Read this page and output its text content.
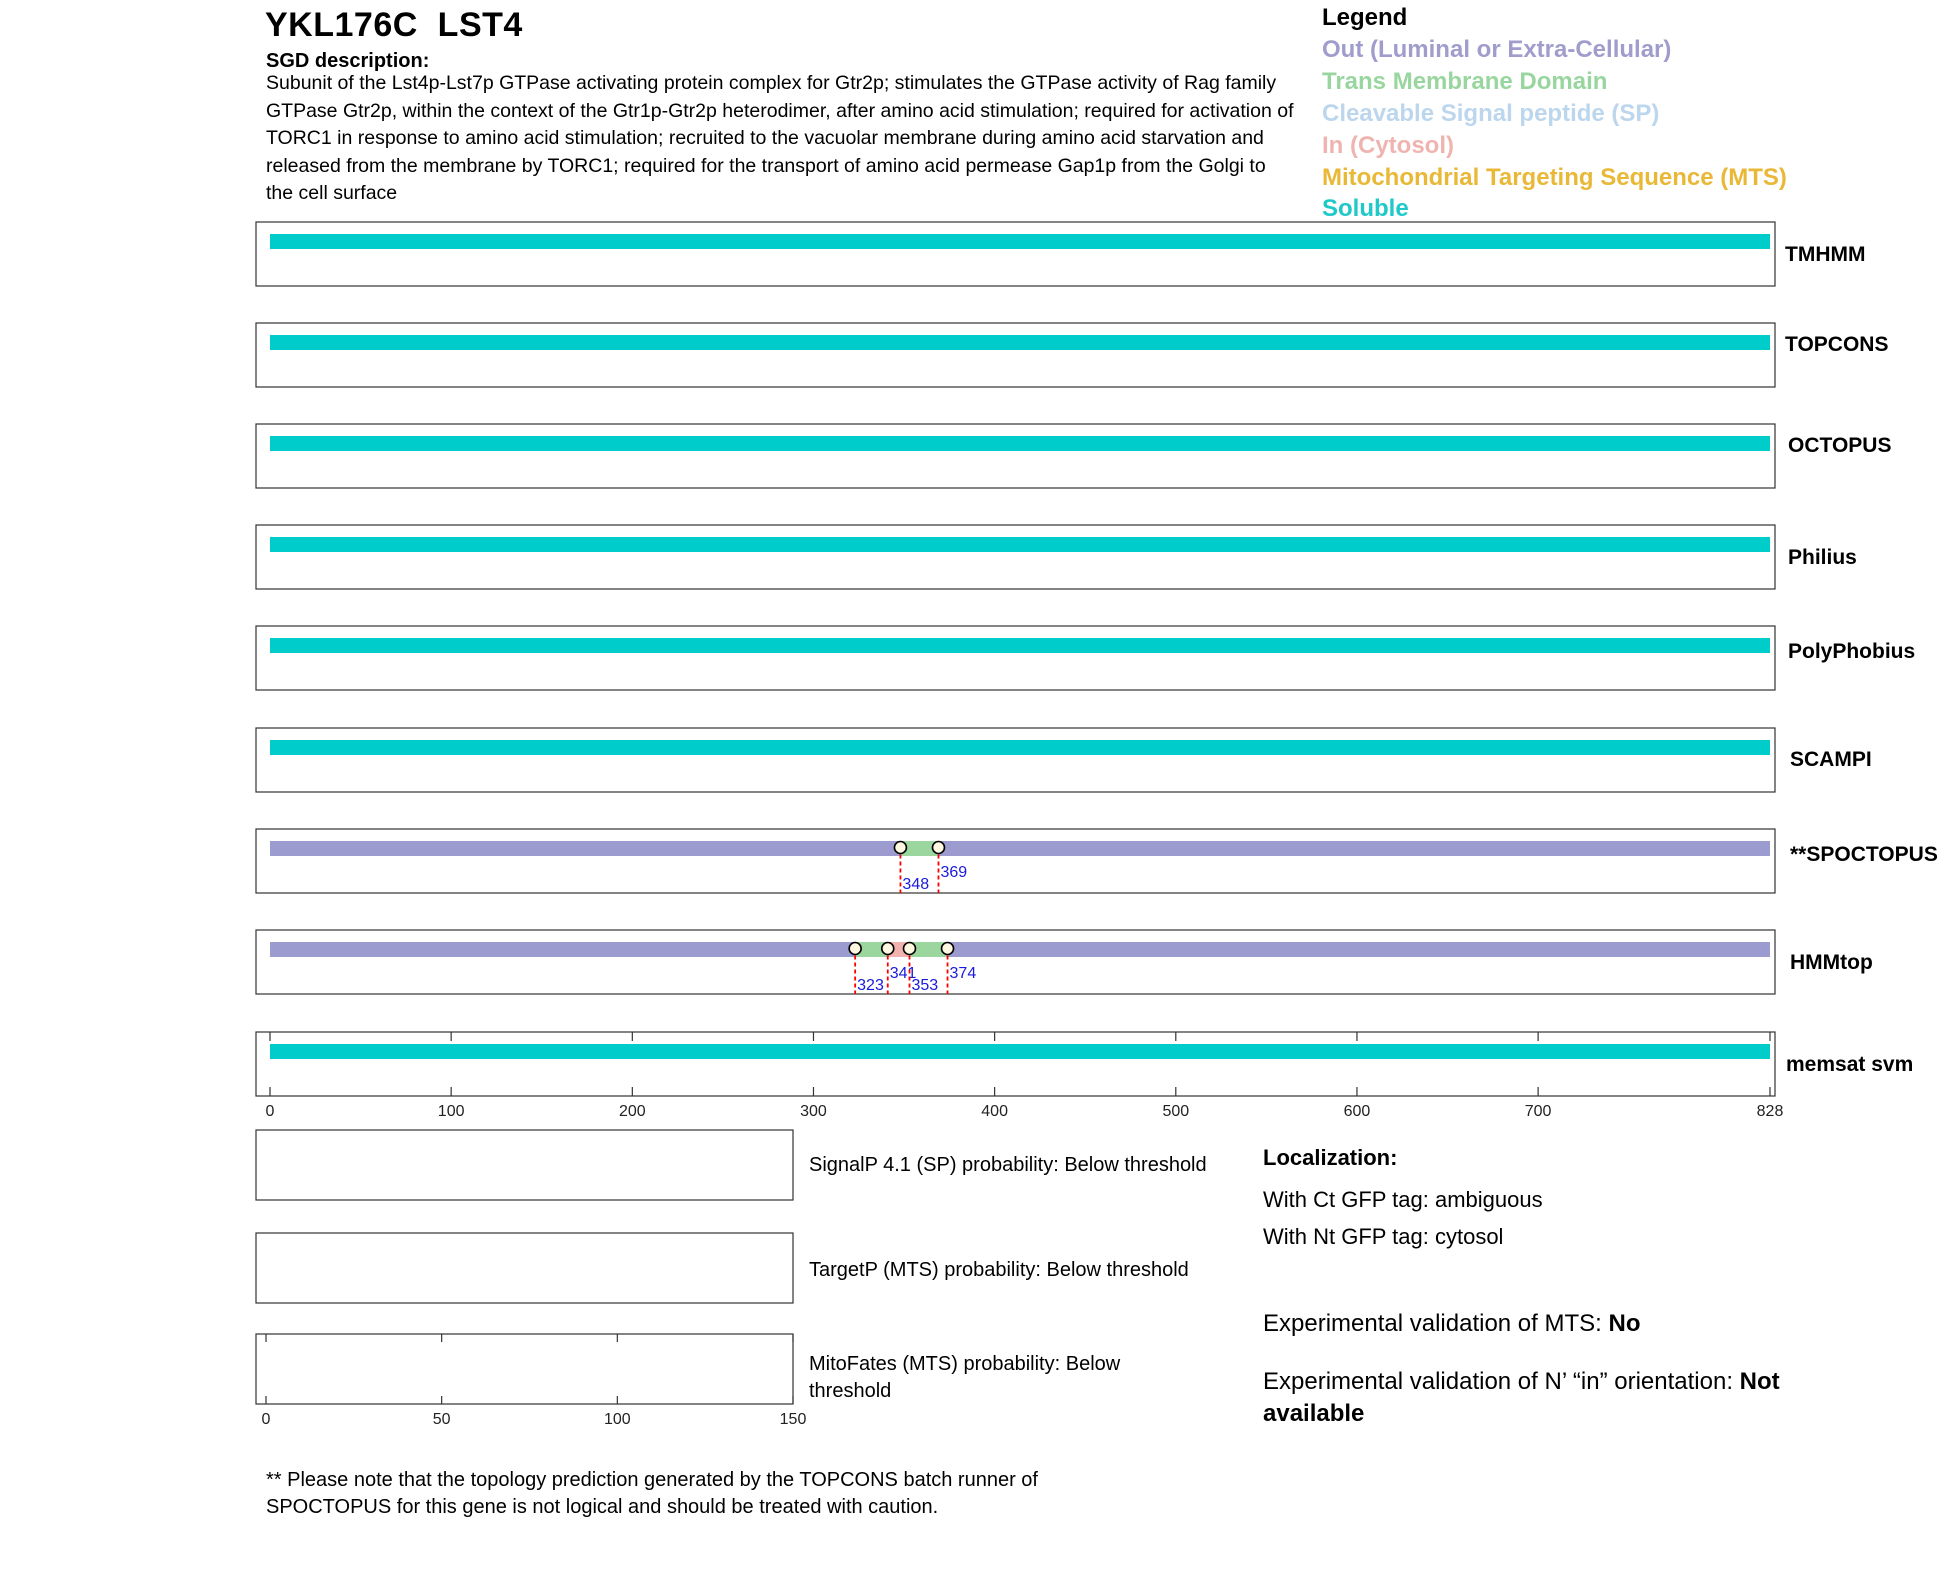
YKL176C  LST4
SGD description:
Subunit of the Lst4p-Lst7p GTPase activating protein complex for Gtr2p; stimulates the GTPase activity of Rag family GTPase Gtr2p, within the context of the Gtr1p-Gtr2p heterodimer, after amino acid stimulation; required for activation of TORC1 in response to amino acid stimulation; recruited to the vacuolar membrane during amino acid starvation and released from the membrane by TORC1; required for the transport of amino acid permease Gap1p from the Golgi to the cell surface
Legend
Out (Luminal or Extra-Cellular)
Trans Membrane Domain
Cleavable Signal peptide (SP)
In (Cytosol)
Mitochondrial Targeting Sequence (MTS)
Soluble
348
369
323
341
353
374
0	100	200	300	400	500	600	700	828
TMHMM
TOPCONS
OCTOPUS
Philius
PolyPhobius
SCAMPI
**SPOCTOPUS
HMMtop
memsat svm
0	50	100	150
SignalP 4.1 (SP) probability: Below threshold
TargetP (MTS) probability: Below threshold
MitoFates (MTS) probability: Below
threshold
Localization:
With Ct GFP tag: ambiguous
With Nt GFP tag: cytosol
Experimental validation of MTS: No
Experimental validation of N’ “in” orientation: Not available
** Please note that the topology prediction generated by the TOPCONS batch runner of SPOCTOPUS for this gene is not logical and should be treated with caution.
